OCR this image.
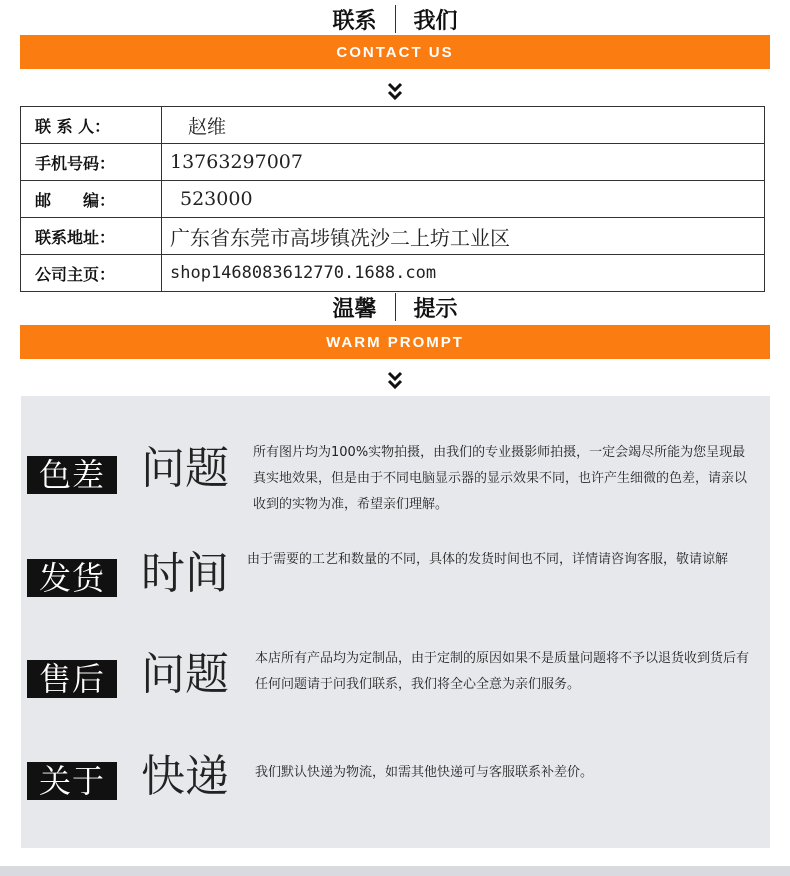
联系	我们
CONTACT US
联 系 人：	赵维
手机号码：	13763297007
邮　　编：	523000
联系地址：	广东省东莞市高埗镇冼沙二上坊工业区
公司主页：	shop1468083612770.1688.com
温馨	提示
WARM PROMPT
色差 问题 所有图片均为100%实物拍摄，由我们的专业摄影师拍摄，一定会竭尽所能为您呈现最真实地效果，但是由于不同电脑显示器的显示效果不同，也许产生细微的色差，请亲以收到的实物为准，希望亲们理解。
发货 时间 由于需要的工艺和数量的不同，具体的发货时间也不同，详情请咨询客服，敬请谅解
售后 问题 本店所有产品均为定制品，由于定制的原因如果不是质量问题将不予以退货收到货后有任何问题请于问我们联系，我们将全心全意为亲们服务。
关于 快递 我们默认快递为物流，如需其他快递可与客服联系补差价。
